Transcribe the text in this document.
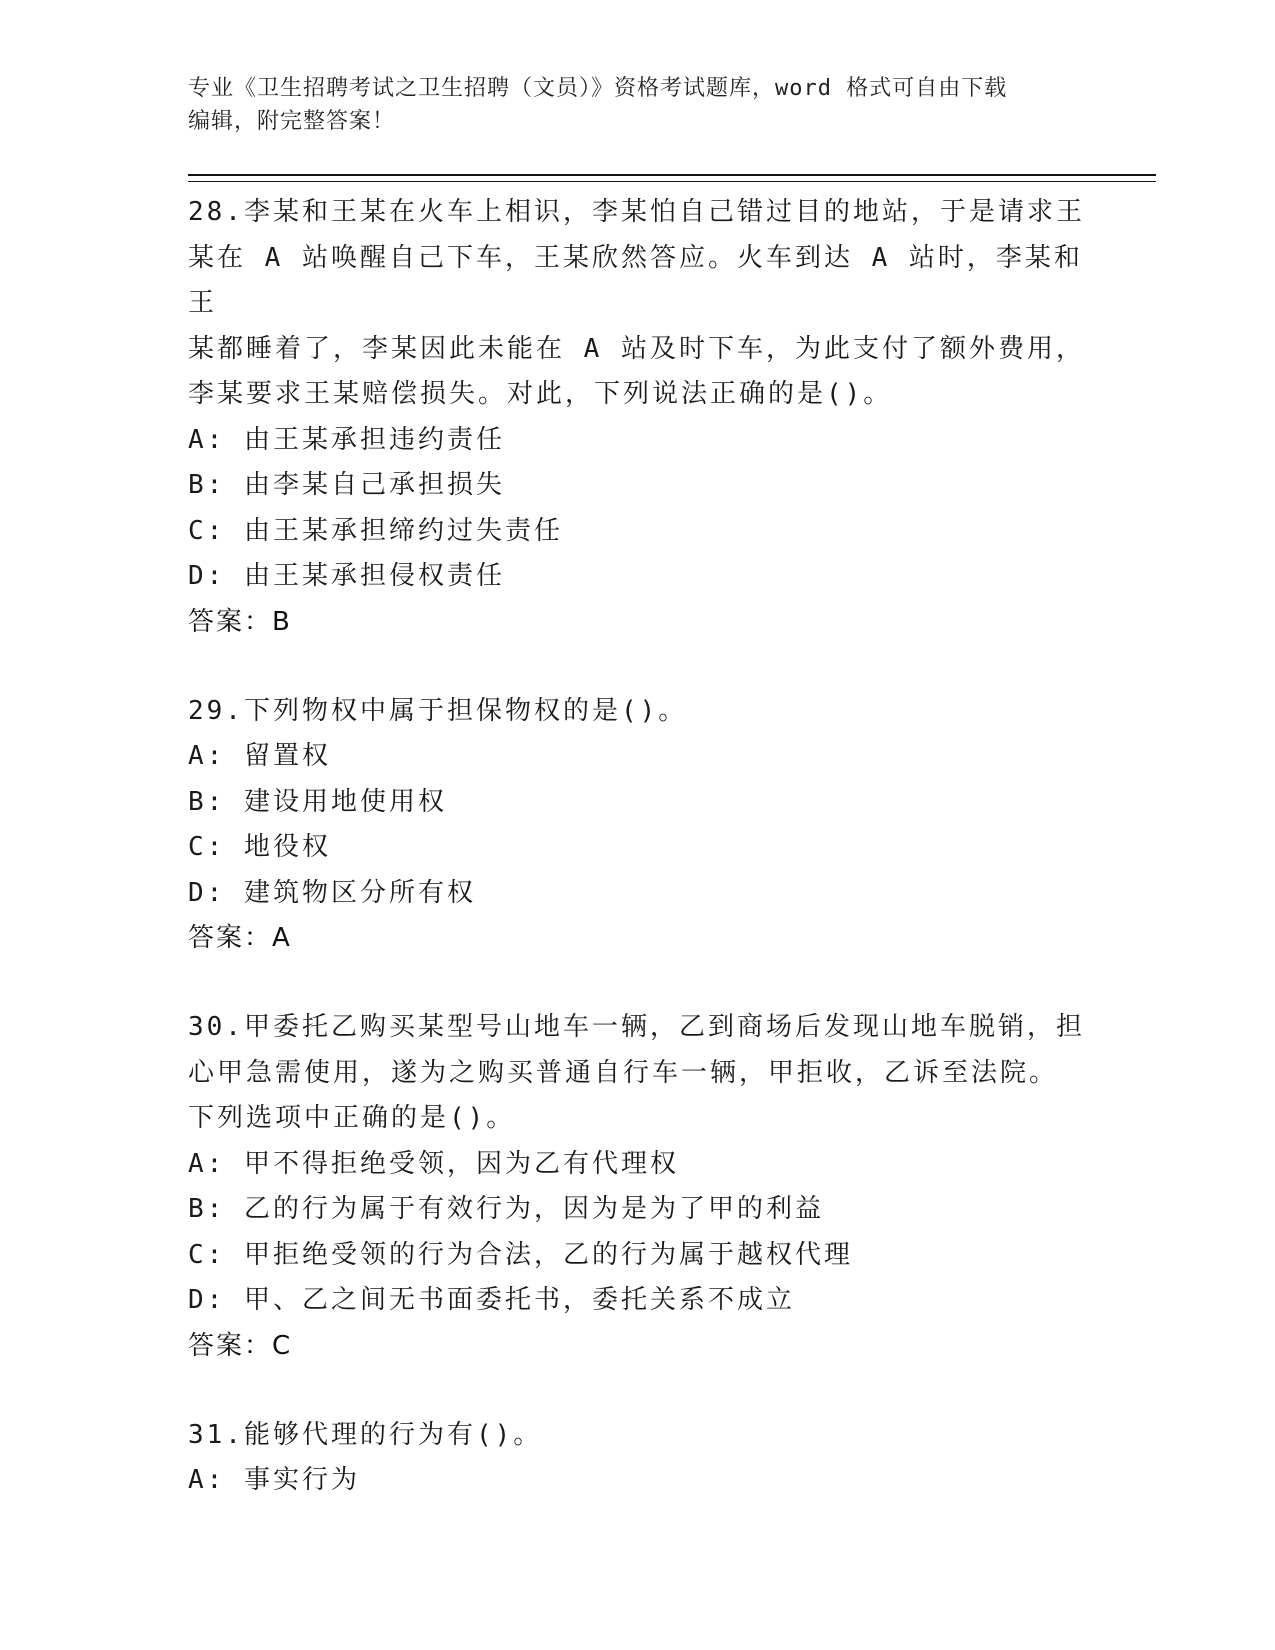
专业《卫生招聘考试之卫生招聘（文员）》资格考试题库，word 格式可自由下载
编辑，附完整答案！
28.李某和王某在火车上相识，李某怕自己错过目的地站，于是请求王
某在 A 站唤醒自己下车，王某欣然答应。火车到达 A 站时，李某和王
某都睡着了，李某因此未能在 A 站及时下车，为此支付了额外费用，
李某要求王某赔偿损失。对此，下列说法正确的是()。
A: 由王某承担违约责任
B: 由李某自己承担损失
C: 由王某承担缔约过失责任
D: 由王某承担侵权责任
答案：B
29.下列物权中属于担保物权的是()。
A: 留置权
B: 建设用地使用权
C: 地役权
D: 建筑物区分所有权
答案：A
30.甲委托乙购买某型号山地车一辆，乙到商场后发现山地车脱销，担
心甲急需使用，遂为之购买普通自行车一辆，甲拒收，乙诉至法院。
下列选项中正确的是()。
A: 甲不得拒绝受领，因为乙有代理权
B: 乙的行为属于有效行为，因为是为了甲的利益
C: 甲拒绝受领的行为合法，乙的行为属于越权代理
D: 甲、乙之间无书面委托书，委托关系不成立
答案：C
31.能够代理的行为有()。
A: 事实行为
